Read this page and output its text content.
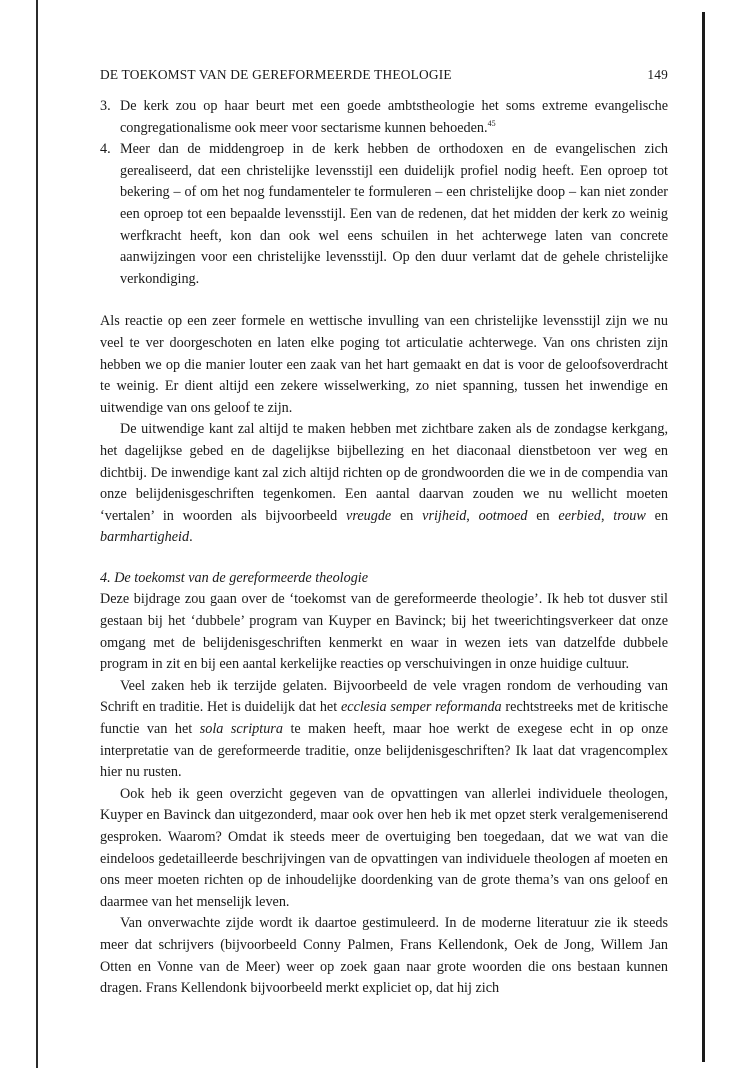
DE TOEKOMST VAN DE GEREFORMEERDE THEOLOGIE	149
3. De kerk zou op haar beurt met een goede ambtstheologie het soms extreme evangelische congregationalisme ook meer voor sectarisme kunnen behoeden.$^{45}$
4. Meer dan de middengroep in de kerk hebben de orthodoxen en de evangelischen zich gerealiseerd, dat een christelijke levensstijl een duidelijk profiel nodig heeft. Een oproep tot bekering – of om het nog fundamenteler te formuleren – een christelijke doop – kan niet zonder een oproep tot een bepaalde levensstijl. Een van de redenen, dat het midden der kerk zo weinig werfkracht heeft, kon dan ook wel eens schuilen in het achterwege laten van concrete aanwijzingen voor een christelijke levensstijl. Op den duur verlamt dat de gehele christelijke verkondiging.

Als reactie op een zeer formele en wettische invulling van een christelijke levensstijl zijn we nu veel te ver doorgeschoten en laten elke poging tot articulatie achterwege. Van ons christen zijn hebben we op die manier louter een zaak van het hart gemaakt en dat is voor de geloofsoverdracht te weinig. Er dient altijd een zekere wisselwerking, zo niet spanning, tussen het inwendige en uitwendige van ons geloof te zijn.

De uitwendige kant zal altijd te maken hebben met zichtbare zaken als de zondagse kerkgang, het dagelijkse gebed en de dagelijkse bijbellezing en het diaconaal dienstbetoon ver weg en dichtbij. De inwendige kant zal zich altijd richten op de grondwoorden die we in de compendia van onze belijdenisgeschriften tegenkomen. Een aantal daarvan zouden we nu wellicht moeten ‘vertalen’ in woorden als bijvoorbeeld vreugde en vrijheid, ootmoed en eerbied, trouw en barmhartigheid.

4. De toekomst van de gereformeerde theologie

Deze bijdrage zou gaan over de ‘toekomst van de gereformeerde theologie’. Ik heb tot dusver stil gestaan bij het ‘dubbele’ program van Kuyper en Bavinck; bij het tweerichtingsverkeer dat onze omgang met de belijdenisgeschriften kenmerkt en waar in wezen iets van datzelfde dubbele program in zit en bij een aantal kerkelijke reacties op verschuivingen in onze huidige cultuur.

Veel zaken heb ik terzijde gelaten. Bijvoorbeeld de vele vragen rondom de verhouding van Schrift en traditie. Het is duidelijk dat het ecclesia semper reformanda rechtstreeks met de kritische functie van het sola scriptura te maken heeft, maar hoe werkt de exegese echt in op onze interpretatie van de gereformeerde traditie, onze belijdenisgeschriften? Ik laat dat vragencomplex hier nu rusten.

Ook heb ik geen overzicht gegeven van de opvattingen van allerlei individuele theologen, Kuyper en Bavinck dan uitgezonderd, maar ook over hen heb ik met opzet sterk veralgemeniserend gesproken. Waarom? Omdat ik steeds meer de overtuiging ben toegedaan, dat we wat van die eindeloos gedetailleerde beschrijvingen van de opvattingen van individuele theologen af moeten en ons meer moeten richten op de inhoudelijke doordenking van de grote thema’s van ons geloof en daarmee van het menselijk leven.

Van onverwachte zijde wordt ik daartoe gestimuleerd. In de moderne literatuur zie ik steeds meer dat schrijvers (bijvoorbeeld Conny Palmen, Frans Kellendonk, Oek de Jong, Willem Jan Otten en Vonne van de Meer) weer op zoek gaan naar grote woorden die ons bestaan kunnen dragen. Frans Kellendonk bijvoorbeeld merkt expliciet op, dat hij zich
